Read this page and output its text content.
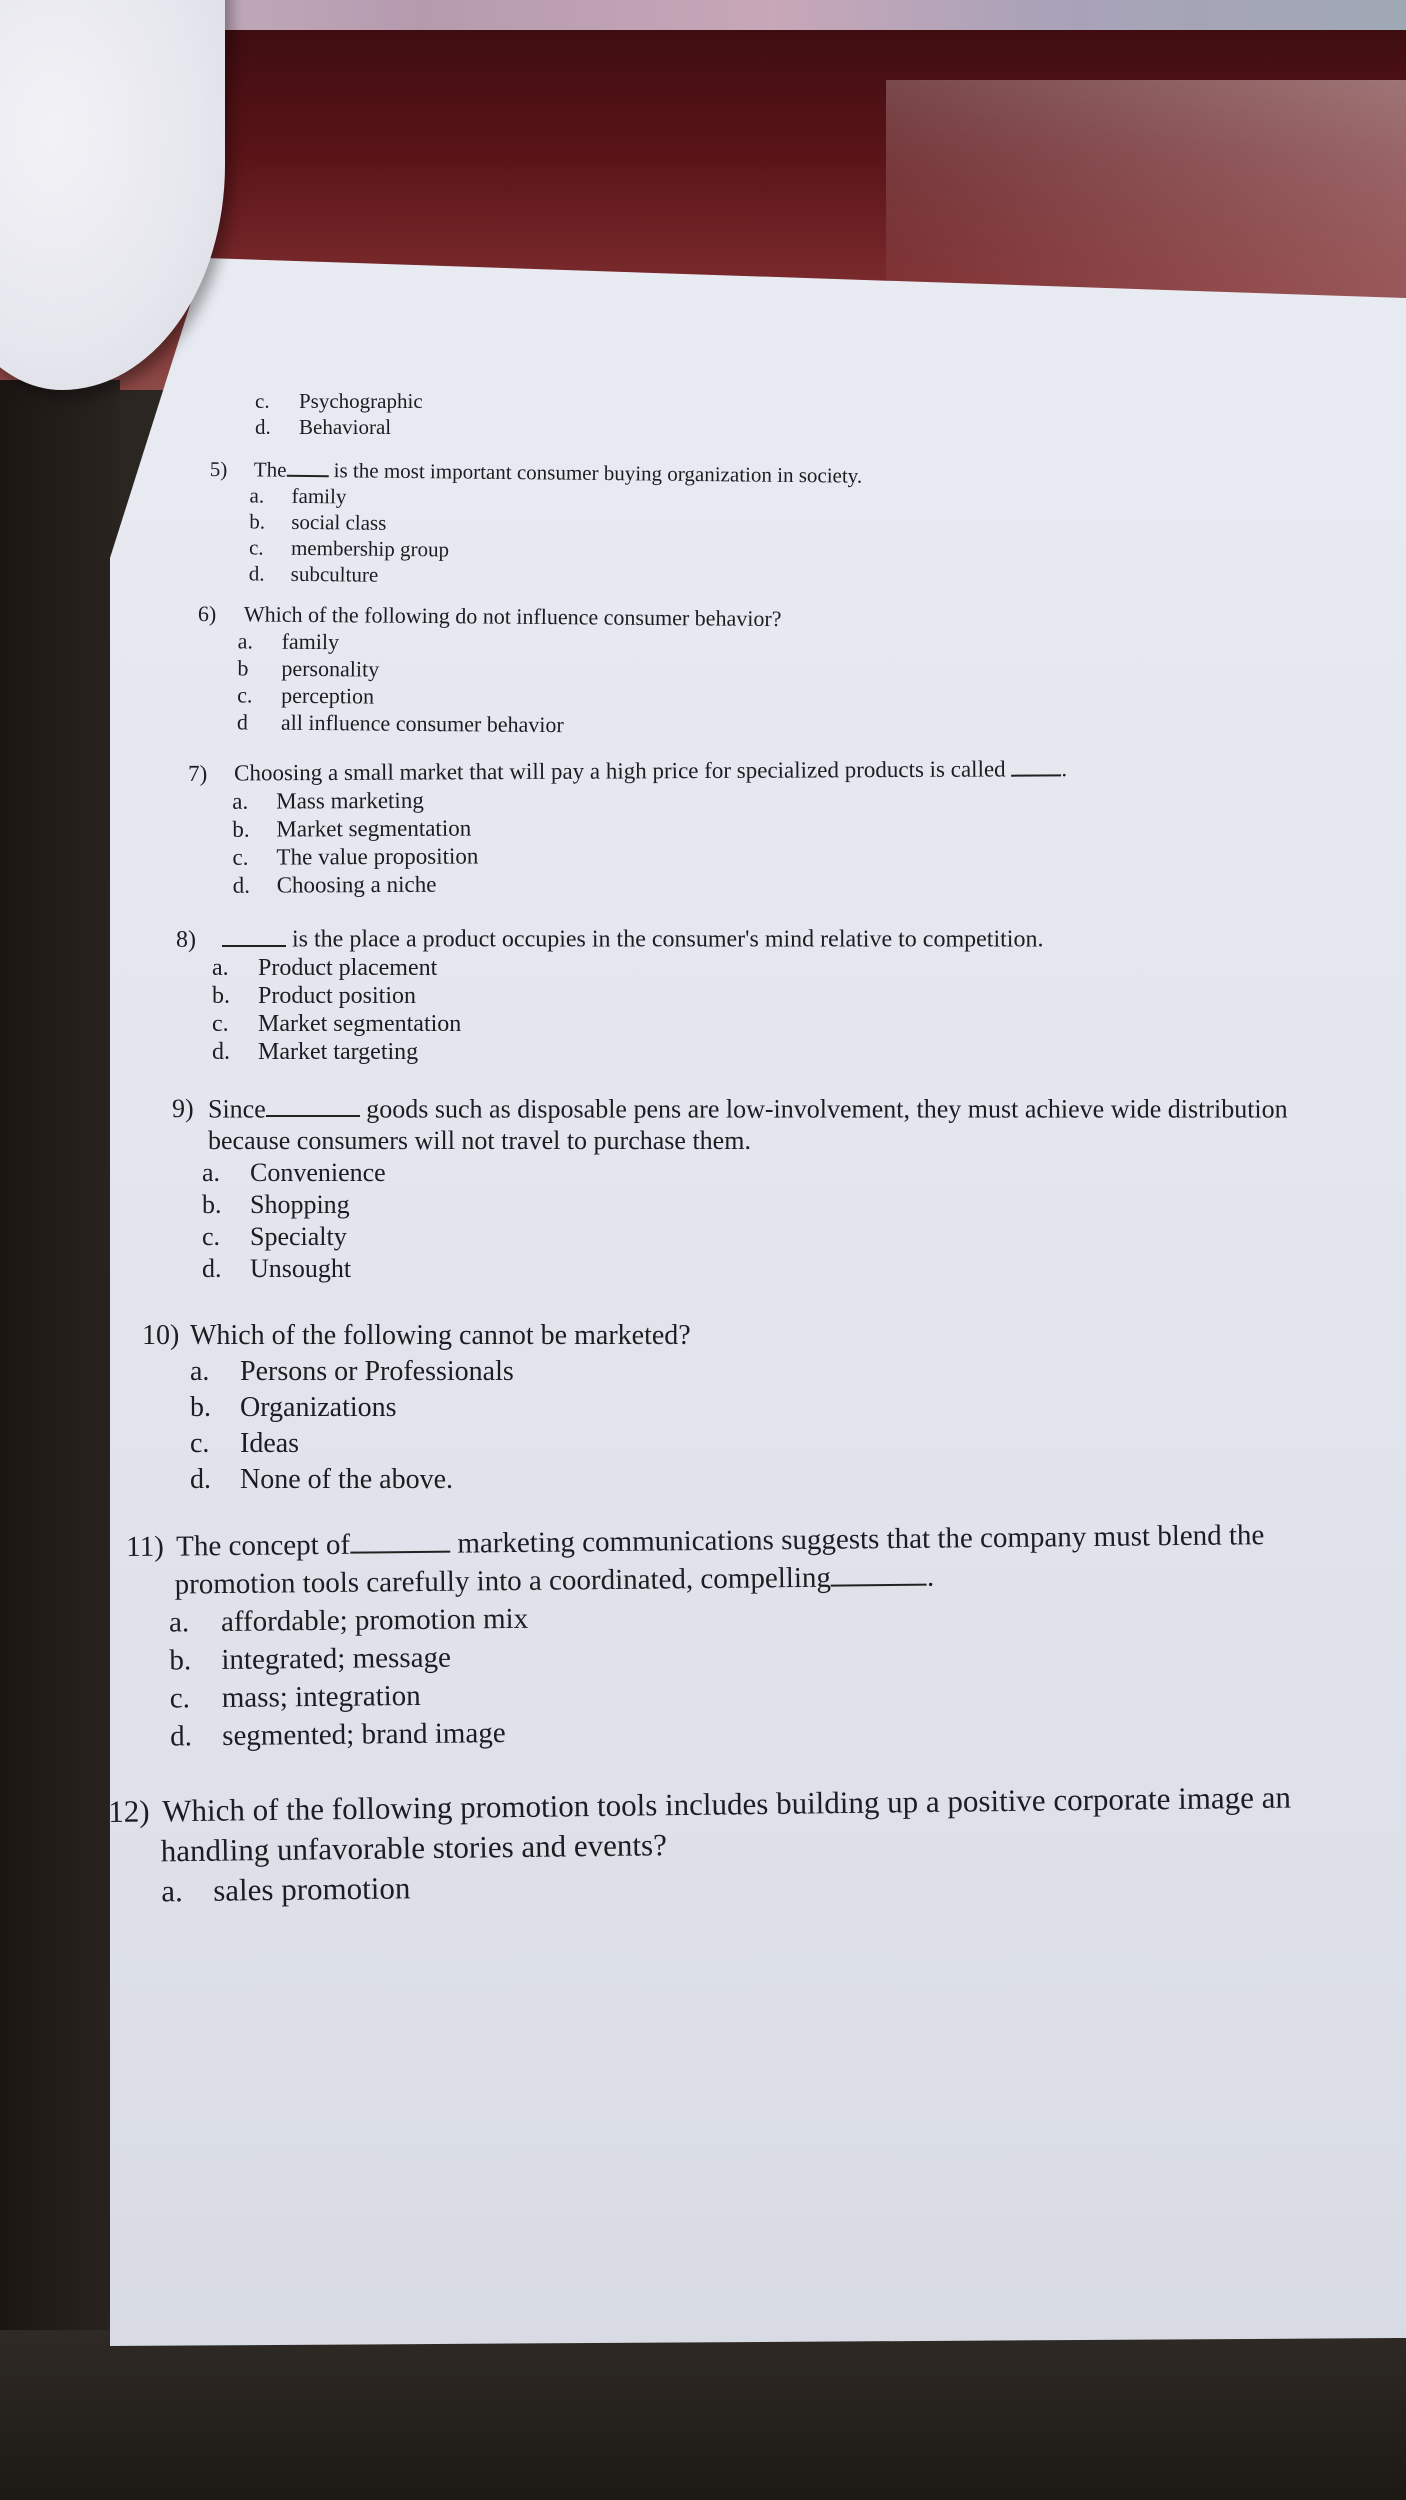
c.	Psychographic
d.	Behavioral
5) The is the most important consumer buying organization in society.
a.	family
b.	social class
c.	membership group
d.	subculture
6) Which of the following do not influence consumer behavior?
a.	family
b	personality
c.	perception
d	all influence consumer behavior
7) Choosing a small market that will pay a high price for specialized products is called .
a.	Mass marketing
b.	Market segmentation
c.	The value proposition
d.	Choosing a niche
8)	is the place a product occupies in the consumer's mind relative to competition.
a.	Product placement
b.	Product position
c.	Market segmentation
d.	Market targeting
9) Since	goods such as disposable pens are low-involvement, they must achieve wide distribution
because consumers will not travel to purchase them.
a.	Convenience
b.	Shopping
c.	Specialty
d.	Unsought
10) Which of the following cannot be marketed?
a.	Persons or Professionals
b.	Organizations
c.	Ideas
d.	None of the above.
11) The concept of	marketing communications suggests that the company must blend the
promotion tools carefully into a coordinated, compelling	.
a.	affordable; promotion mix
b.	integrated; message
c.	mass; integration
d.	segmented; brand image
12) Which of the following promotion tools includes building up a positive corporate image an
handling unfavorable stories and events?
a. sales promotion
